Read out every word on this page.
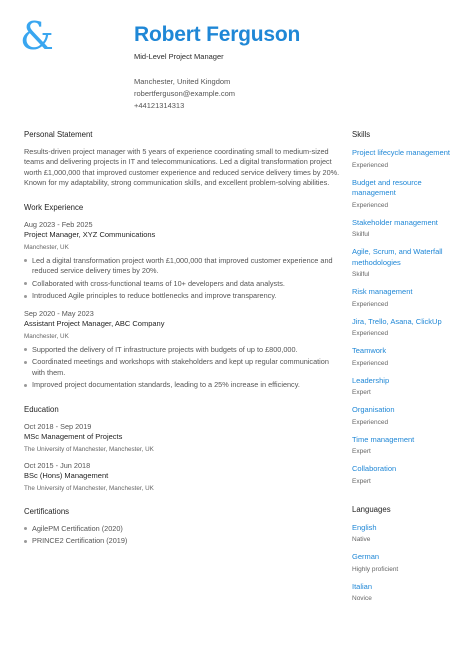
&	Robert Ferguson
Mid-Level Project Manager
Manchester, United Kingdom
robertferguson@example.com
+44121314313
Personal Statement
Results-driven project manager with 5 years of experience coordinating small to medium-sized teams and delivering projects in IT and telecommunications. Led a digital transformation project worth £1,000,000 that improved customer experience and reduced service delivery times by 20%. Known for my adaptability, strong communication skills, and excellent problem-solving abilities.
Work Experience
Aug 2023 - Feb 2025
Project Manager, XYZ Communications
Manchester, UK
Led a digital transformation project worth £1,000,000 that improved customer experience and reduced service delivery times by 20%.
Collaborated with cross-functional teams of 10+ developers and data analysts.
Introduced Agile principles to reduce bottlenecks and improve transparency.
Sep 2020 - May 2023
Assistant Project Manager, ABC Company
Manchester, UK
Supported the delivery of IT infrastructure projects with budgets of up to £800,000.
Coordinated meetings and workshops with stakeholders and kept up regular communication with them.
Improved project documentation standards, leading to a 25% increase in efficiency.
Education
Oct 2018 - Sep 2019
MSc Management of Projects
The University of Manchester, Manchester, UK
Oct 2015 - Jun 2018
BSc (Hons) Management
The University of Manchester, Manchester, UK
Certifications
AgilePM Certification (2020)
PRINCE2 Certification (2019)
Skills
Project lifecycle management
Experienced
Budget and resource management
Experienced
Stakeholder management
Skilful
Agile, Scrum, and Waterfall methodologies
Skilful
Risk management
Experienced
Jira, Trello, Asana, ClickUp
Experienced
Teamwork
Experienced
Leadership
Expert
Organisation
Experienced
Time management
Expert
Collaboration
Expert
Languages
English
Native
German
Highly proficient
Italian
Novice
